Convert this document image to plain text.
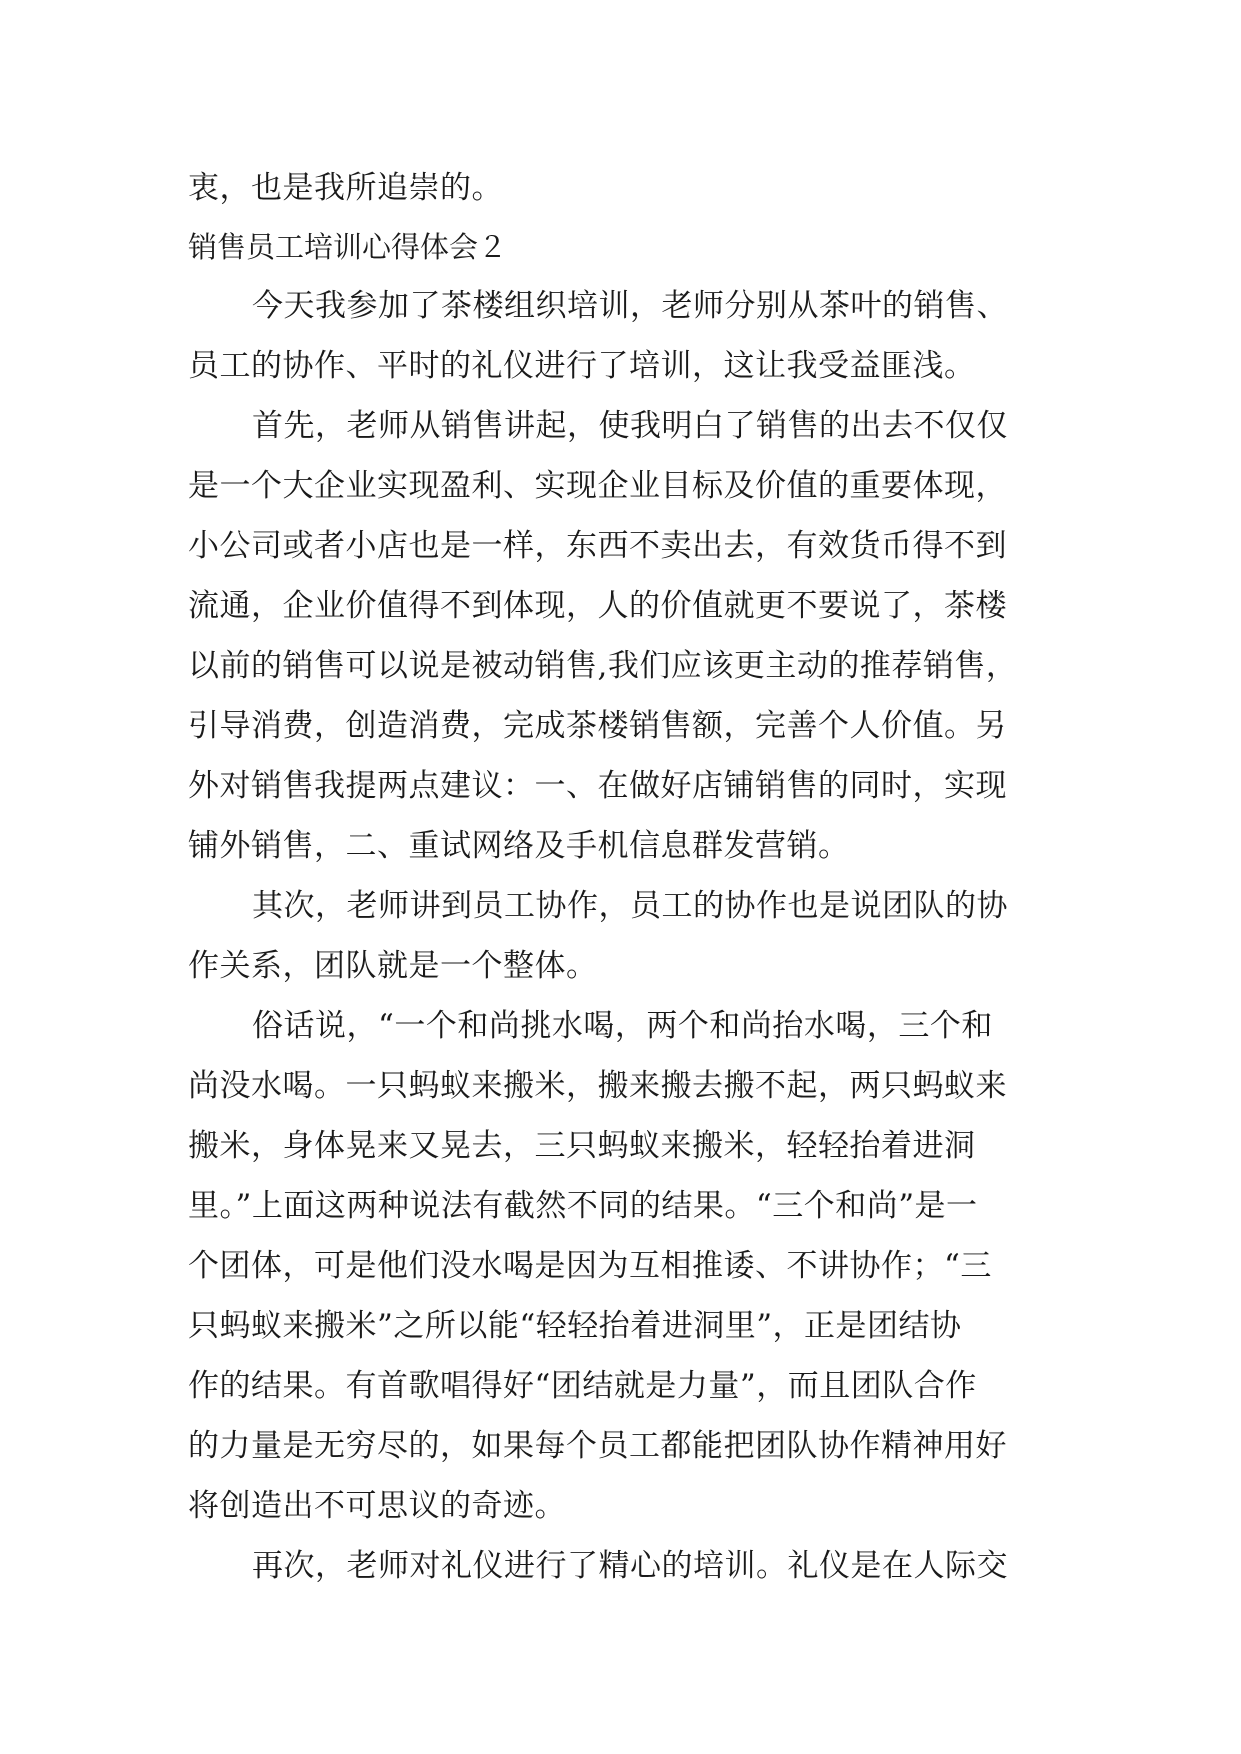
衷，也是我所追崇的。
销售员工培训心得体会２
今天我参加了茶楼组织培训，老师分别从茶叶的销售、
员工的协作、平时的礼仪进行了培训，这让我受益匪浅。
首先，老师从销售讲起，使我明白了销售的出去不仅仅
是一个大企业实现盈利、实现企业目标及价值的重要体现，
小公司或者小店也是一样，东西不卖出去，有效货币得不到
流通，企业价值得不到体现，人的价值就更不要说了，茶楼
以前的销售可以说是被动销售,我们应该更主动的推荐销售，
引导消费，创造消费，完成茶楼销售额，完善个人价值。另
外对销售我提两点建议：一、在做好店铺销售的同时，实现
铺外销售，二、重试网络及手机信息群发营销。
其次，老师讲到员工协作，员工的协作也是说团队的协
作关系，团队就是一个整体。
俗话说，“一个和尚挑水喝，两个和尚抬水喝，三个和
尚没水喝。一只蚂蚁来搬米，搬来搬去搬不起，两只蚂蚁来
搬米，身体晃来又晃去，三只蚂蚁来搬米，轻轻抬着进洞
里。”上面这两种说法有截然不同的结果。“三个和尚”是一
个团体，可是他们没水喝是因为互相推诿、不讲协作；“三
只蚂蚁来搬米”之所以能“轻轻抬着进洞里”，正是团结协
作的结果。有首歌唱得好“团结就是力量”，而且团队合作
的力量是无穷尽的，如果每个员工都能把团队协作精神用好
将创造出不可思议的奇迹。
再次，老师对礼仪进行了精心的培训。礼仪是在人际交
